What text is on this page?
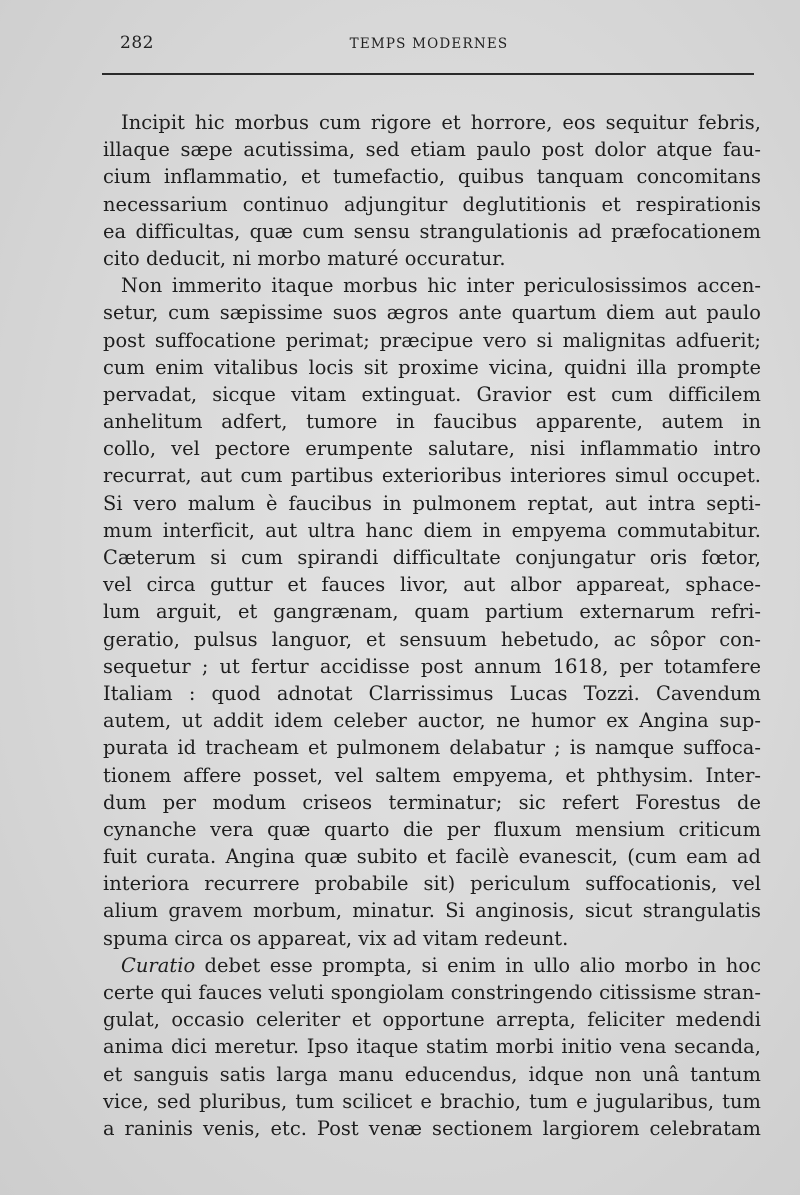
282	TEMPS MODERNES
Incipit hic morbus cum rigore et horrore, eos sequitur febris,
illaque sæpe acutissima, sed etiam paulo post dolor atque fau-
cium inflammatio, et tumefactio, quibus tanquam concomitans
necessarium continuo adjungitur deglutitionis et respirationis
ea difficultas, quæ cum sensu strangulationis ad præfocationem
cito deducit, ni morbo maturé occuratur.
Non immerito itaque morbus hic inter periculosissimos accen-
setur, cum sæpissime suos ægros ante quartum diem aut paulo
post suffocatione perimat; præcipue vero si malignitas adfuerit;
cum enim vitalibus locis sit proxime vicina, quidni illa prompte
pervadat, sicque vitam extinguat. Gravior est cum difficilem
anhelitum adfert, tumore in faucibus apparente, autem in
collo, vel pectore erumpente salutare, nisi inflammatio intro
recurrat, aut cum partibus exterioribus interiores simul occupet.
Si vero malum è faucibus in pulmonem reptat, aut intra septi-
mum interficit, aut ultra hanc diem in empyema commutabitur.
Cæterum si cum spirandi difficultate conjungatur oris fœtor,
vel circa guttur et fauces livor, aut albor appareat, sphace-
lum arguit, et gangrænam, quam partium externarum refri-
geratio, pulsus languor, et sensuum hebetudo, ac sôpor con-
sequetur ; ut fertur accidisse post annum 1618, per totamfere
Italiam : quod adnotat Clarrissimus Lucas Tozzi. Cavendum
autem, ut addit idem celeber auctor, ne humor ex Angina sup-
purata id tracheam et pulmonem delabatur ; is namque suffoca-
tionem affere posset, vel saltem empyema, et phthysim. Inter-
dum per modum criseos terminatur; sic refert Forestus de
cynanche vera quæ quarto die per fluxum mensium criticum
fuit curata. Angina quæ subito et facilè evanescit, (cum eam ad
interiora recurrere probabile sit) periculum suffocationis, vel
alium gravem morbum, minatur. Si anginosis, sicut strangulatis
spuma circa os appareat, vix ad vitam redeunt.
Curatio debet esse prompta, si enim in ullo alio morbo in hoc
certe qui fauces veluti spongiolam constringendo citissisme stran-
gulat, occasio celeriter et opportune arrepta, feliciter medendi
anima dici meretur. Ipso itaque statim morbi initio vena secanda,
et sanguis satis larga manu educendus, idque non unâ tantum
vice, sed pluribus, tum scilicet e brachio, tum e jugularibus, tum
a raninis venis, etc. Post venæ sectionem largiorem celebratam
